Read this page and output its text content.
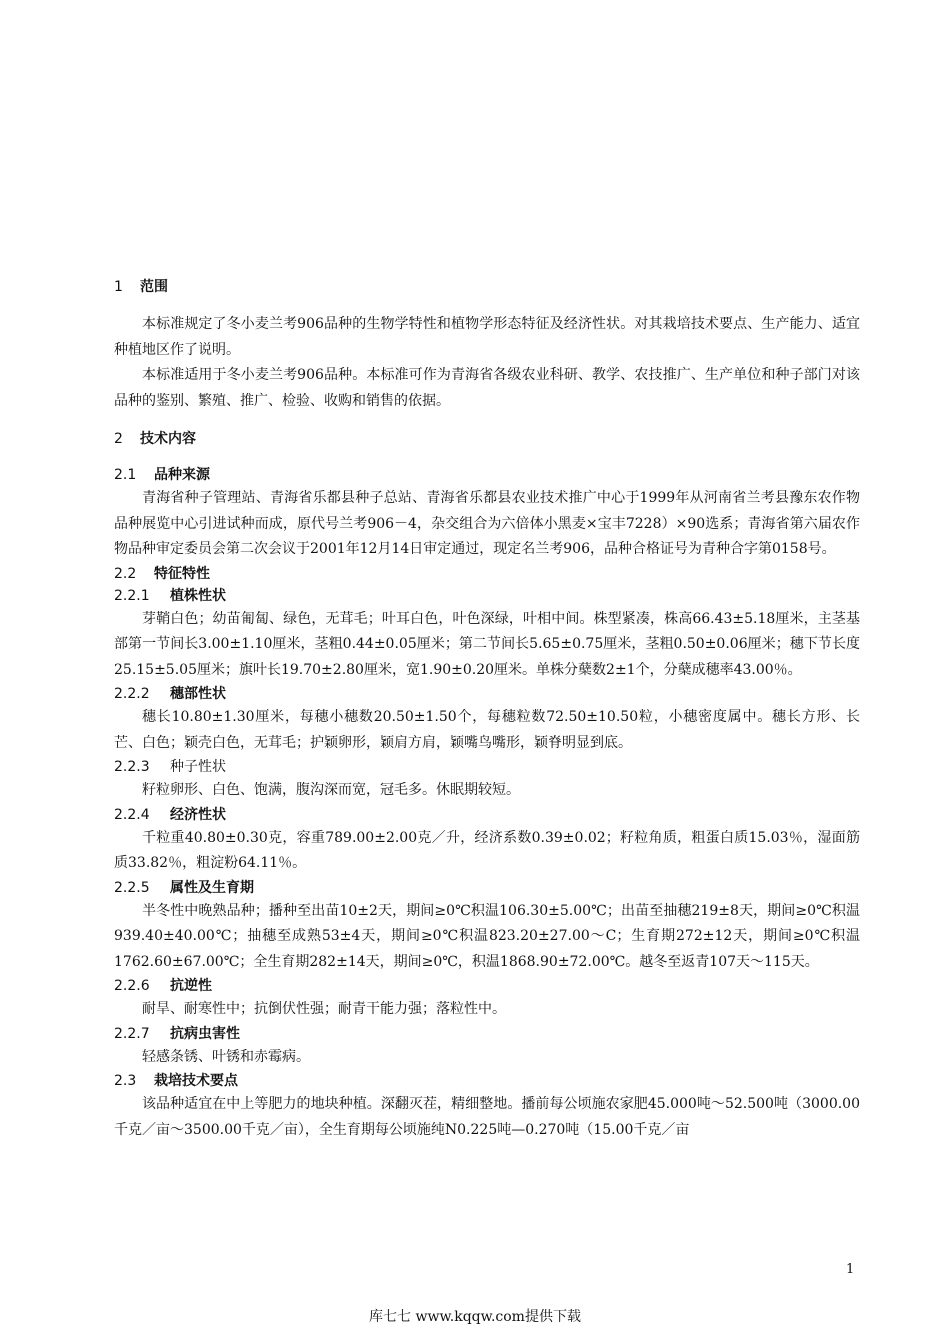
1 范围

本标准规定了冬小麦兰考906品种的生物学特性和植物学形态特征及经济性状。对其栽培技术要点、生产能力、适宜种植地区作了说明。

本标准适用于冬小麦兰考906品种。本标准可作为青海省各级农业科研、教学、农技推广、生产单位和种子部门对该品种的鉴别、繁殖、推广、检验、收购和销售的依据。

2 技术内容
2.1 品种来源

青海省种子管理站、青海省乐都县种子总站、青海省乐都县农业技术推广中心于1999年从河南省兰考县豫东农作物品种展览中心引进试种而成，原代号兰考906－4，杂交组合为六倍体小黑麦×宝丰7228）×90选系；青海省第六届农作物品种审定委员会第二次会议于2001年12月14日审定通过，现定名兰考906，品种合格证号为青种合字第0158号。

2.2 特征特性
2.2.1 植株性状

芽鞘白色；幼苗匍匐、绿色，无茸毛；叶耳白色，叶色深绿，叶相中间。株型紧凑，株高66.43±5.18厘米，主茎基部第一节间长3.00±1.10厘米，茎粗0.44±0.05厘米；第二节间长5.65±0.75厘米，茎粗0.50±0.06厘米；穗下节长度25.15±5.05厘米；旗叶长19.70±2.80厘米，宽1.90±0.20厘米。单株分蘖数2±1个，分蘖成穗率43.00％。

2.2.2 穗部性状

穗长10.80±1.30厘米，每穗小穗数20.50±1.50个，每穗粒数72.50±10.50粒，小穗密度属中。穗长方形、长芒、白色；颖壳白色，无茸毛；护颖卵形，颖肩方肩，颖嘴鸟嘴形，颖脊明显到底。

2.2.3 种子性状

籽粒卵形、白色、饱满，腹沟深而宽，冠毛多。休眠期较短。

2.2.4 经济性状

千粒重40.80±0.30克，容重789.00±2.00克／升，经济系数0.39±0.02；籽粒角质，粗蛋白质15.03％，湿面筋质33.82％，粗淀粉64.11％。

2.2.5 属性及生育期

半冬性中晚熟品种；播种至出苗10±2天，期间≥0℃积温106.30±5.00℃；出苗至抽穗219±8天，期间≥0℃积温939.40±40.00℃；抽穗至成熟53±4天，期间≥0℃积温823.20±27.00～C；生育期272±12天，期间≥0℃积温1762.60±67.00℃；全生育期282±14天，期间≥0℃，积温1868.90±72.00℃。越冬至返青107天～115天。

2.2.6 抗逆性

耐旱、耐寒性中；抗倒伏性强；耐青干能力强；落粒性中。

2.2.7 抗病虫害性

轻感条锈、叶锈和赤霉病。

2.3 栽培技术要点

该品种适宜在中上等肥力的地块种植。深翻灭茬，精细整地。播前每公顷施农家肥45.000吨～52.500吨（3000.00千克／亩～3500.00千克／亩），全生育期每公顷施纯N0.225吨—0.270吨（15.00千克／亩

1
库七七 www.kqqw.com提供下载
